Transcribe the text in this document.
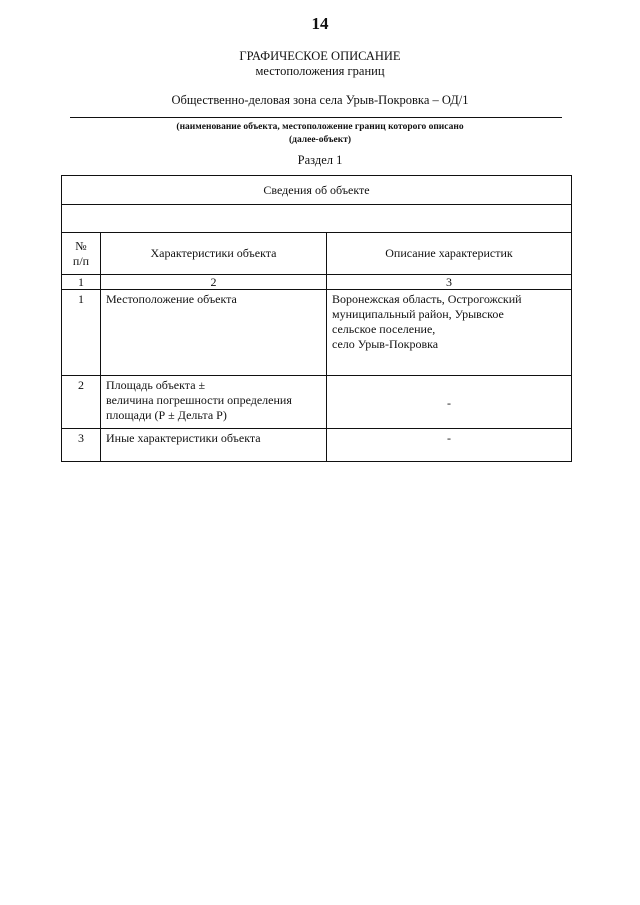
14
ГРАФИЧЕСКОЕ ОПИСАНИЕ
местоположения границ
Общественно-деловая зона села Урыв-Покровка – ОД/1
(наименование объекта, местоположение границ которого описано
(далее-объект)
Раздел 1
Сведения об объекте		

№
п/п	Характеристики объекта	Описание характеристик
1	2	3
1	Местоположение объекта	Воронежская область, Острогожский
муниципальный район, Урывское
сельское поселение,
село Урыв-Покровка
2	Площадь объекта ±
величина погрешности определения
площади (Р ± Дельта Р)	-
3	Иные характеристики объекта	-
